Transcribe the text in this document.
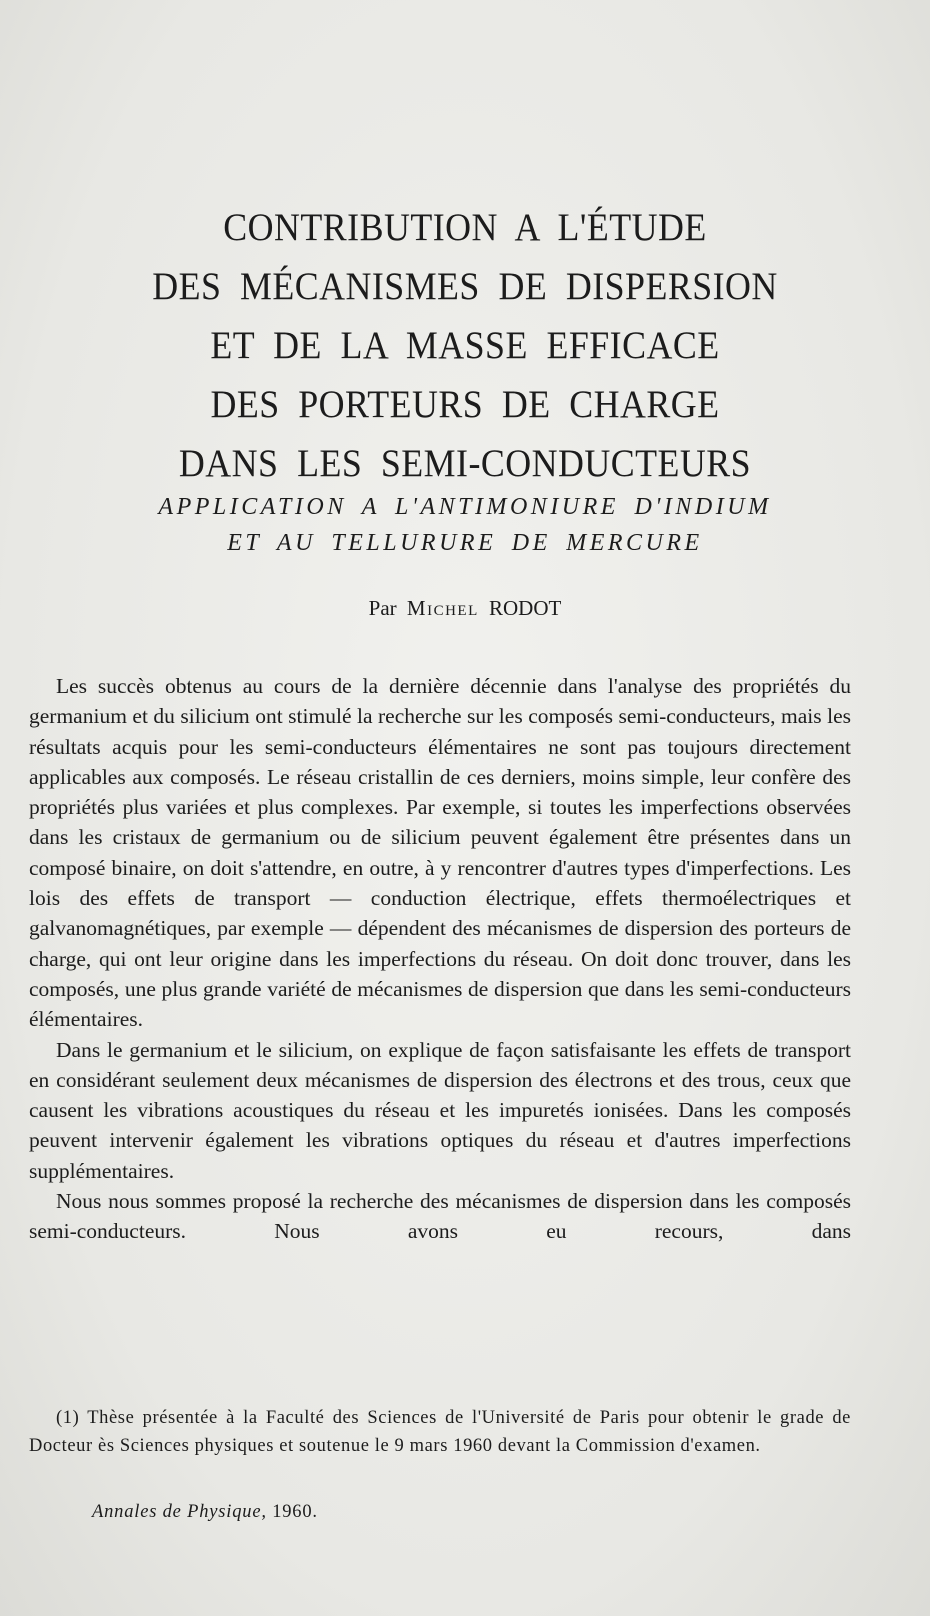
CONTRIBUTION A L'ÉTUDE
DES MÉCANISMES DE DISPERSION
ET DE LA MASSE EFFICACE
DES PORTEURS DE CHARGE
DANS LES SEMI-CONDUCTEURS
APPLICATION A L'ANTIMONIURE D'INDIUM
ET AU TELLURURE DE MERCURE
Par Michel RODOT

Les succès obtenus au cours de la dernière décennie dans l'analyse des propriétés du germanium et du silicium ont stimulé la recherche sur les composés semi-conducteurs, mais les résultats acquis pour les semi-conducteurs élémentaires ne sont pas toujours directement applicables aux composés. Le réseau cristallin de ces derniers, moins simple, leur confère des propriétés plus variées et plus complexes. Par exemple, si toutes les imperfections observées dans les cristaux de germanium ou de silicium peuvent également être présentes dans un composé binaire, on doit s'attendre, en outre, à y rencontrer d'autres types d'imperfections. Les lois des effets de transport — conduction électrique, effets thermoélectriques et galvanomagnétiques, par exemple — dépendent des mécanismes de dispersion des porteurs de charge, qui ont leur origine dans les imperfections du réseau. On doit donc trouver, dans les composés, une plus grande variété de mécanismes de dispersion que dans les semi-conducteurs élémentaires.

Dans le germanium et le silicium, on explique de façon satisfaisante les effets de transport en considérant seulement deux mécanismes de dispersion des électrons et des trous, ceux que causent les vibrations acoustiques du réseau et les impuretés ionisées. Dans les composés peuvent intervenir également les vibrations optiques du réseau et d'autres imperfections supplémentaires.

Nous nous sommes proposé la recherche des mécanismes de dispersion dans les composés semi-conducteurs. Nous avons eu recours, dans

(1) Thèse présentée à la Faculté des Sciences de l'Université de Paris pour obtenir le grade de Docteur ès Sciences physiques et soutenue le 9 mars 1960 devant la Commission d'examen.

Annales de Physique, 1960.
